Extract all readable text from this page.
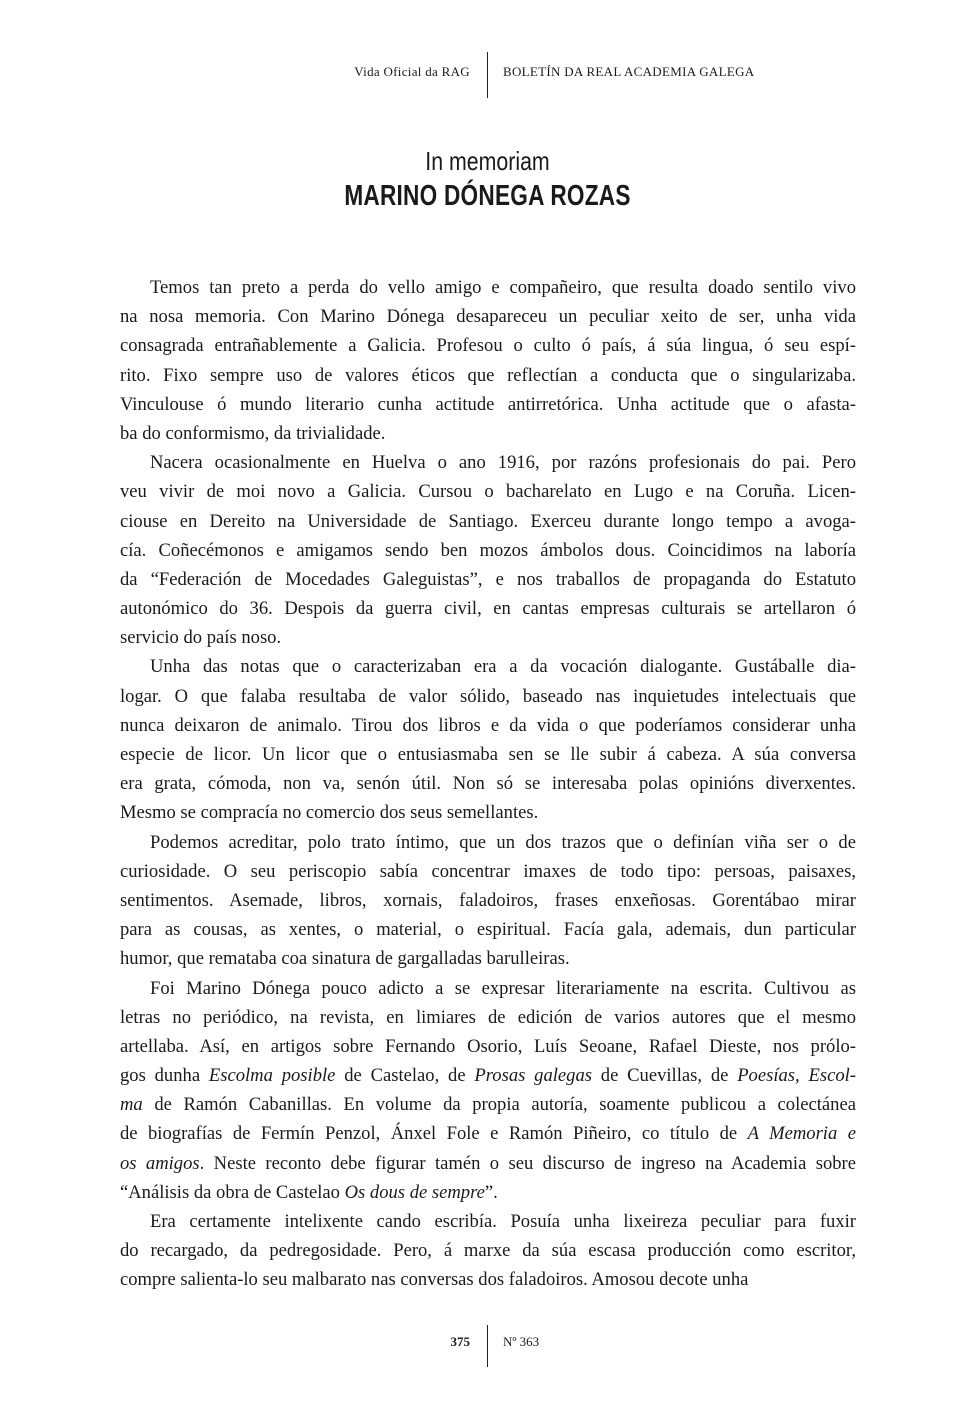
Vida Oficial da RAG	BOLETÍN DA REAL ACADEMIA GALEGA
In memoriam
MARINO DÓNEGA ROZAS
Temos tan preto a perda do vello amigo e compañeiro, que resulta doado sentilo vivo
na nosa memoria. Con Marino Dónega desapareceu un peculiar xeito de ser, unha vida
consagrada entrañablemente a Galicia. Profesou o culto ó país, á súa lingua, ó seu espí-
rito. Fixo sempre uso de valores éticos que reflectían a conducta que o singularizaba.
Vinculouse ó mundo literario cunha actitude antirretórica. Unha actitude que o afasta-
ba do conformismo, da trivialidade.
Nacera ocasionalmente en Huelva o ano 1916, por razóns profesionais do pai. Pero
veu vivir de moi novo a Galicia. Cursou o bacharelato en Lugo e na Coruña. Licen-
ciouse en Dereito na Universidade de Santiago. Exerceu durante longo tempo a avoga-
cía. Coñecémonos e amigamos sendo ben mozos ámbolos dous. Coincidimos na laboría
da “Federación de Mocedades Galeguistas”, e nos traballos de propaganda do Estatuto
autonómico do 36. Despois da guerra civil, en cantas empresas culturais se artellaron ó
servicio do país noso.
Unha das notas que o caracterizaban era a da vocación dialogante. Gustáballe dia-
logar. O que falaba resultaba de valor sólido, baseado nas inquietudes intelectuais que
nunca deixaron de animalo. Tirou dos libros e da vida o que poderíamos considerar unha
especie de licor. Un licor que o entusiasmaba sen se lle subir á cabeza. A súa conversa
era grata, cómoda, non va, senón útil. Non só se interesaba polas opinións diverxentes.
Mesmo se compracía no comercio dos seus semellantes.
Podemos acreditar, polo trato íntimo, que un dos trazos que o definían viña ser o de
curiosidade. O seu periscopio sabía concentrar imaxes de todo tipo: persoas, paisaxes,
sentimentos. Asemade, libros, xornais, faladoiros, frases enxeñosas. Gorentábao mirar
para as cousas, as xentes, o material, o espiritual. Facía gala, ademais, dun particular
humor, que remataba coa sinatura de gargalladas barulleiras.
Foi Marino Dónega pouco adicto a se expresar literariamente na escrita. Cultivou as
letras no periódico, na revista, en limiares de edición de varios autores que el mesmo
artellaba. Así, en artigos sobre Fernando Osorio, Luís Seoane, Rafael Dieste, nos prólo-
gos dunha Escolma posible de Castelao, de Prosas galegas de Cuevillas, de Poesías, Escol-
ma de Ramón Cabanillas. En volume da propia autoría, soamente publicou a colectánea
de biografías de Fermín Penzol, Ánxel Fole e Ramón Piñeiro, co título de A Memoria e
os amigos. Neste reconto debe figurar tamén o seu discurso de ingreso na Academia sobre
“Análisis da obra de Castelao Os dous de sempre”.
Era certamente intelixente cando escribía. Posuía unha lixeireza peculiar para fuxir
do recargado, da pedregosidade. Pero, á marxe da súa escasa producción como escritor,
compre salienta-lo seu malbarato nas conversas dos faladoiros. Amosou decote unha
375	Nº 363
